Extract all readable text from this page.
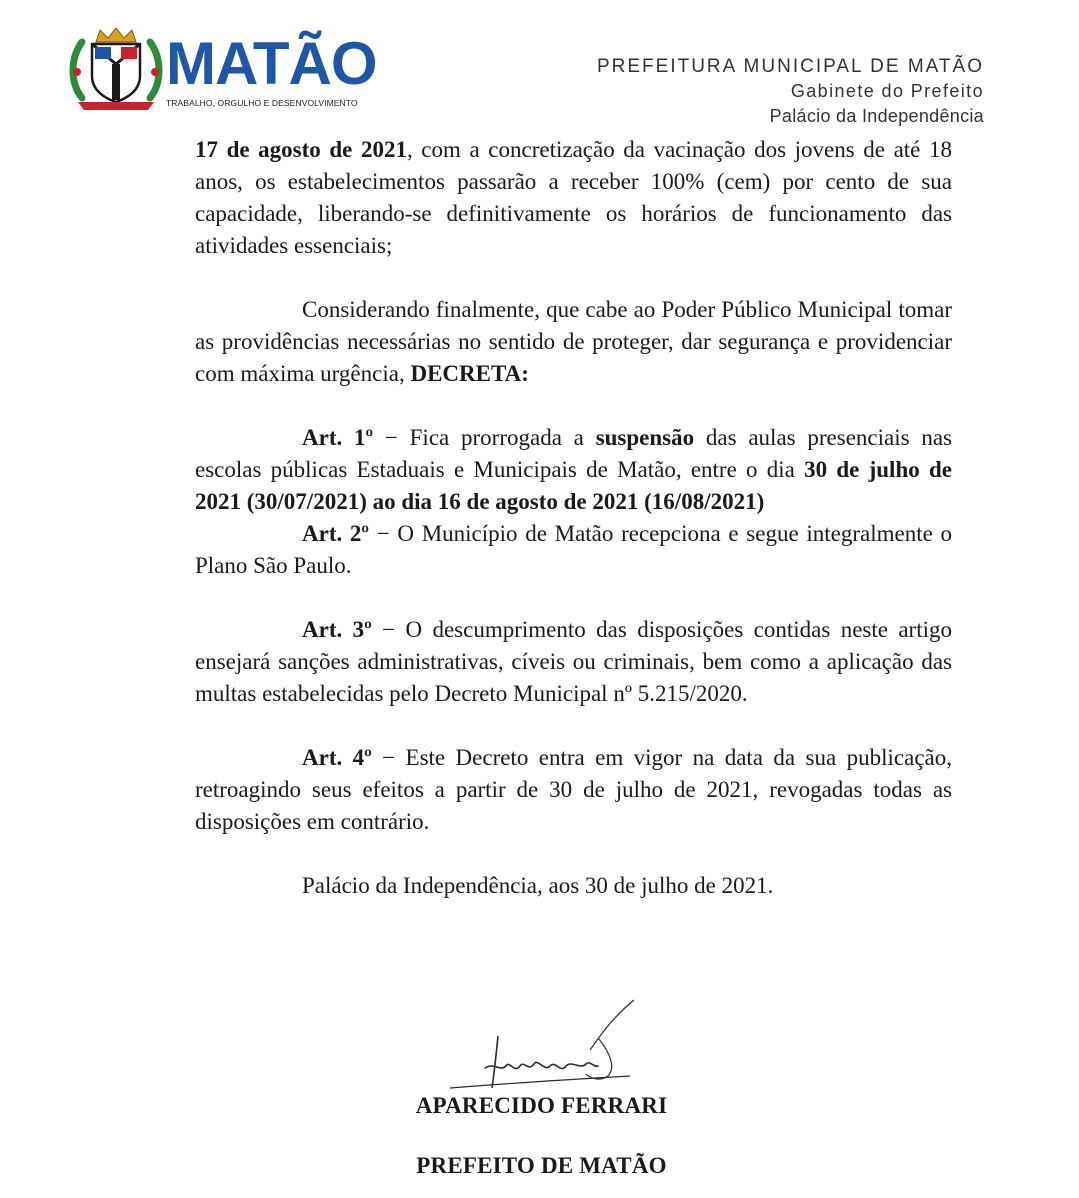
MATÃO
TRABALHO, ORGULHO E DESENVOLVIMENTO
PREFEITURA MUNICIPAL DE MATÃO
Gabinete do Prefeito
Palácio da Independência

17 de agosto de 2021, com a concretização da vacinação dos jovens de até 18 anos, os estabelecimentos passarão a receber 100% (cem) por cento de sua capacidade, liberando-se definitivamente os horários de funcionamento das atividades essenciais;

Considerando finalmente, que cabe ao Poder Público Municipal tomar as providências necessárias no sentido de proteger, dar segurança e providenciar com máxima urgência, DECRETA:

Art. 1º − Fica prorrogada a suspensão das aulas presenciais nas escolas públicas Estaduais e Municipais de Matão, entre o dia 30 de julho de 2021 (30/07/2021) ao dia 16 de agosto de 2021 (16/08/2021)

Art. 2º − O Município de Matão recepciona e segue integralmente o Plano São Paulo.

Art. 3º − O descumprimento das disposições contidas neste artigo ensejará sanções administrativas, cíveis ou criminais, bem como a aplicação das multas estabelecidas pelo Decreto Municipal nº 5.215/2020.

Art. 4º − Este Decreto entra em vigor na data da sua publicação, retroagindo seus efeitos a partir de 30 de julho de 2021, revogadas todas as disposições em contrário.

Palácio da Independência, aos 30 de julho de 2021.

APARECIDO FERRARI
PREFEITO DE MATÃO
